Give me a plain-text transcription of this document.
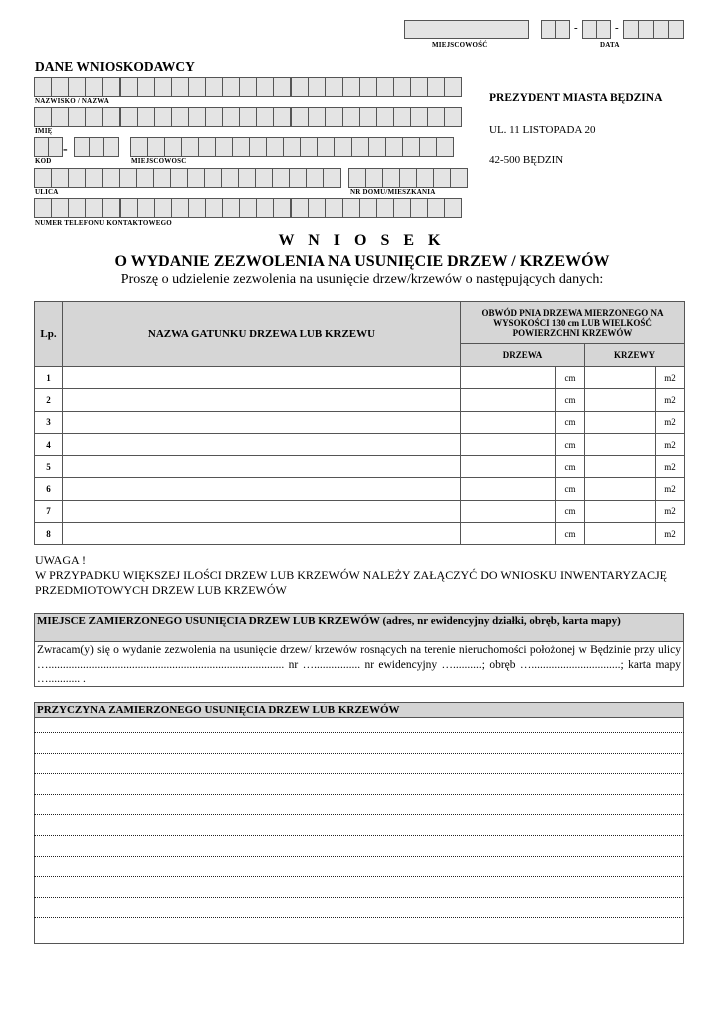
MIEJSCOWOŚĆ
-	-
DATA
DANE WNIOSKODAWCY
NAZWISKO / NAZWA
IMIĘ
-
KOD	MIEJSCOWOSC
ULICA	NR DOMU/MIESZKANIA
NUMER TELEFONU KONTAKTOWEGO
PREZYDENT MIASTA BĘDZINA
UL. 11 LISTOPADA 20
42-500 BĘDZIN
W N I O S E K
O WYDANIE ZEZWOLENIA NA USUNIĘCIE DRZEW / KRZEWÓW
Proszę o udzielenie zezwolenia na usunięcie drzew/krzewów o następujących danych:
Lp.	NAZWA GATUNKU DRZEWA LUB KRZEWU	OBWÓD PNIA DRZEWA MIERZONEGO NA WYSOKOŚCI 130 cm LUB WIELKOŚĆ POWIERZCHNI KRZEWÓW			
		DRZEWA		KRZEWY	
1			cm		m2
2			cm		m2
3			cm		m2
4			cm		m2
5			cm		m2
6			cm		m2
7			cm		m2
8			cm		m2
UWAGA !
W PRZYPADKU WIĘKSZEJ ILOŚCI DRZEW LUB KRZEWÓW NALEŻY ZAŁĄCZYĆ DO WNIOSKU INWENTARYZACJĘ PRZEDMIOTOWYCH DRZEW LUB KRZEWÓW
MIEJSCE ZAMIERZONEGO USUNIĘCIA DRZEW LUB KRZEWÓW (adres, nr ewidencyjny działki, obręb, karta mapy)
Zwracam(y) się o wydanie zezwolenia na usunięcie drzew/ krzewów rosnących na terenie nieruchomości położonej w Będzinie przy ulicy ….................................................................................. nr …................ nr ewidencyjny …..........; obręb …...............................; karta mapy …........... .
PRZYCZYNA ZAMIERZONEGO USUNIĘCIA DRZEW LUB KRZEWÓW
